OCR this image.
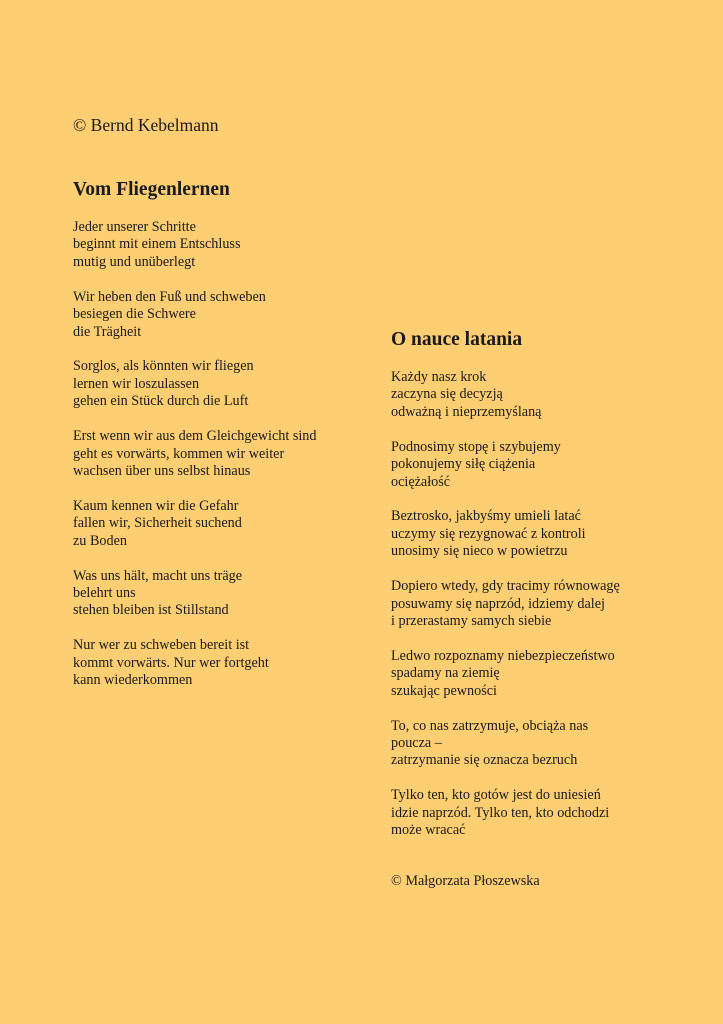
© Bernd Kebelmann
Vom Fliegenlernen
Jeder unserer Schritte
beginnt mit einem Entschluss
mutig und unüberlegt
Wir heben den Fuß und schweben
besiegen die Schwere
die Trägheit
Sorglos, als könnten wir fliegen
lernen wir loszulassen
gehen ein Stück durch die Luft
Erst wenn wir aus dem Gleichgewicht sind
geht es vorwärts, kommen wir weiter
wachsen über uns selbst hinaus
Kaum kennen wir die Gefahr
fallen wir, Sicherheit suchend
zu Boden
Was uns hält, macht uns träge
belehrt uns
stehen bleiben ist Stillstand
Nur wer zu schweben bereit ist
kommt vorwärts. Nur wer fortgeht
kann wiederkommen
O nauce latania
Każdy nasz krok
zaczyna się decyzją
odważną i nieprzemyślaną
Podnosimy stopę i szybujemy
pokonujemy siłę ciążenia
ociężałość
Beztrosko, jakbyśmy umieli latać
uczymy się rezygnować z kontroli
unosimy się nieco w powietrzu
Dopiero wtedy, gdy tracimy równowagę
posuwamy się naprzód, idziemy dalej
i przerastamy samych siebie
Ledwo rozpoznamy niebezpieczeństwo
spadamy na ziemię
szukając pewności
To, co nas zatrzymuje, obciąża nas
poucza –
zatrzymanie się oznacza bezruch
Tylko ten, kto gotów jest do uniesień
idzie naprzód. Tylko ten, kto odchodzi
może wracać
© Małgorzata Płoszewska
